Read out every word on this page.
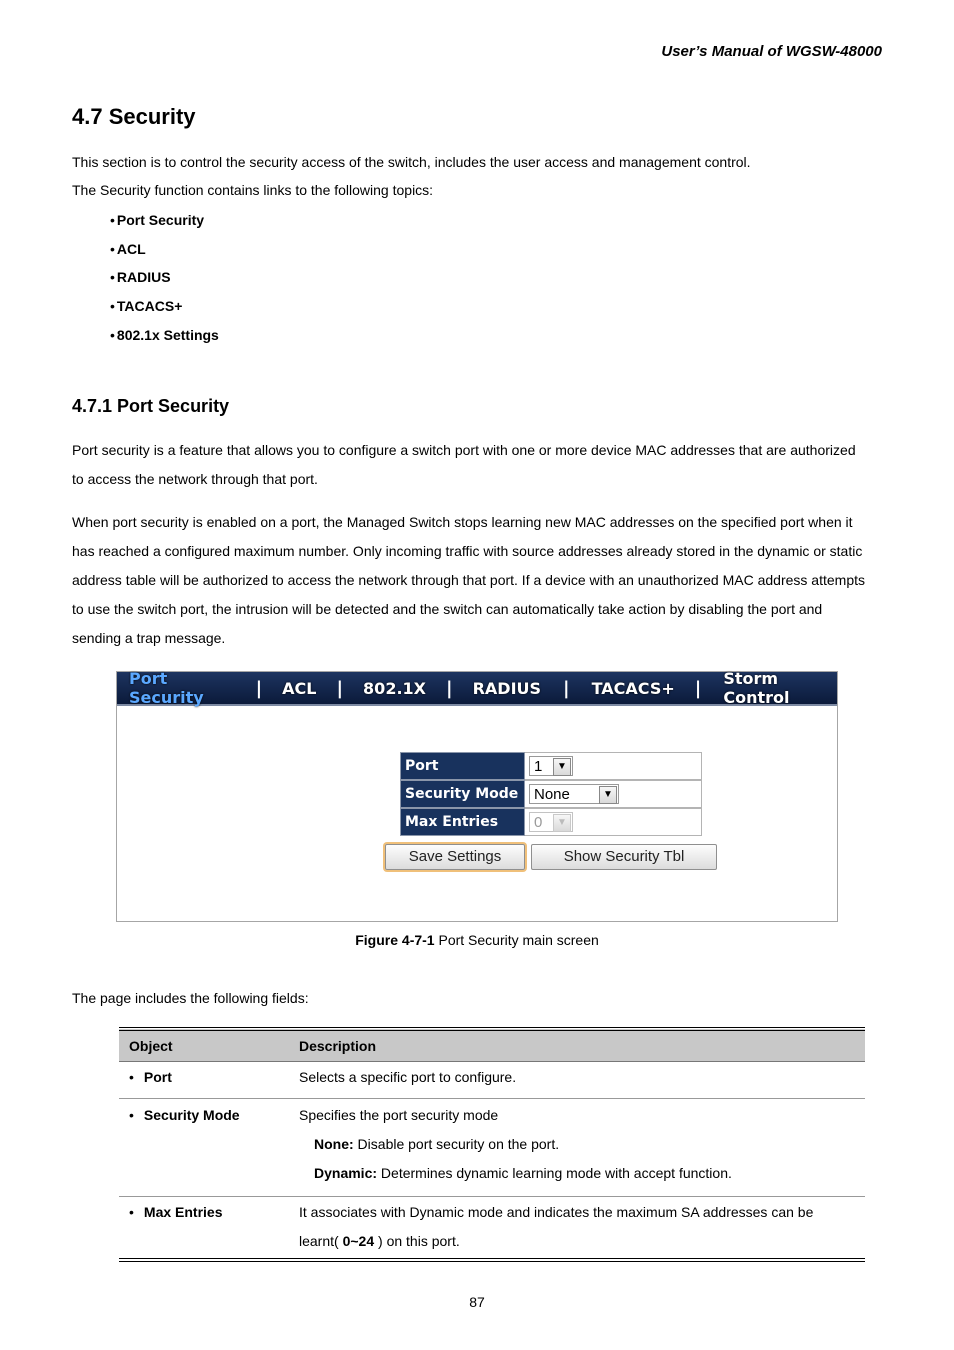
User’s Manual of WGSW-48000
4.7 Security
This section is to control the security access of the switch, includes the user access and management control.
The Security function contains links to the following topics:
• Port Security
• ACL
• RADIUS
• TACACS+
• 802.1x Settings
4.7.1 Port Security
Port security is a feature that allows you to configure a switch port with one or more device MAC addresses that are authorized
to access the network through that port.
When port security is enabled on a port, the Managed Switch stops learning new MAC addresses on the specified port when it
has reached a configured maximum number. Only incoming traffic with source addresses already stored in the dynamic or static
address table will be authorized to access the network through that port. If a device with an unauthorized MAC address attempts
to use the switch port, the intrusion will be detected and the switch can automatically take action by disabling the port and
sending a trap message.
Port Security	| ACL | 802.1X | RADIUS | TACACS+ | Storm Control
Port	1	▼
Security Mode	None	▼
Max Entries	0	▼
Save Settings	Show Security Tbl
Figure 4-7-1 Port Security main screen
The page includes the following fields:
Object	Description
• Port	Selects a specific port to configure.
• Security Mode	Specifies the port security mode
None: Disable port security on the port.
Dynamic: Determines dynamic learning mode with accept function.

• Max Entries	It associates with Dynamic mode and indicates the maximum SA addresses can be
learnt( 0~24 ) on this port.
87
